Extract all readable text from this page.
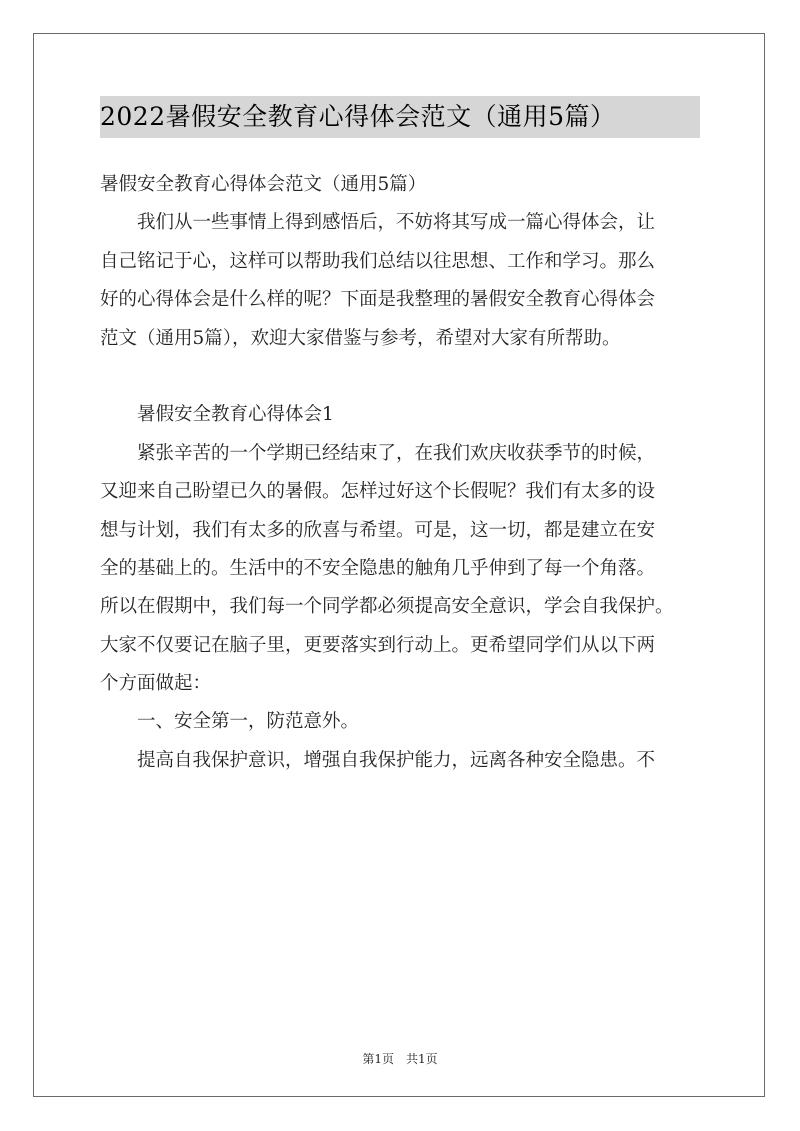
2022暑假安全教育心得体会范文（通用5篇）
暑假安全教育心得体会范文（通用5篇）
我们从一些事情上得到感悟后，不妨将其写成一篇心得体会，让
自己铭记于心，这样可以帮助我们总结以往思想、工作和学习。那么
好的心得体会是什么样的呢？下面是我整理的暑假安全教育心得体会
范文（通用5篇），欢迎大家借鉴与参考，希望对大家有所帮助。
暑假安全教育心得体会1
紧张辛苦的一个学期已经结束了，在我们欢庆收获季节的时候，
又迎来自己盼望已久的暑假。怎样过好这个长假呢？我们有太多的设
想与计划，我们有太多的欣喜与希望。可是，这一切，都是建立在安
全的基础上的。生活中的不安全隐患的触角几乎伸到了每一个角落。
所以在假期中，我们每一个同学都必须提高安全意识，学会自我保护。
大家不仅要记在脑子里，更要落实到行动上。更希望同学们从以下两
个方面做起：
一、安全第一，防范意外。
提高自我保护意识，增强自我保护能力，远离各种安全隐患。不
第1页　共1页
